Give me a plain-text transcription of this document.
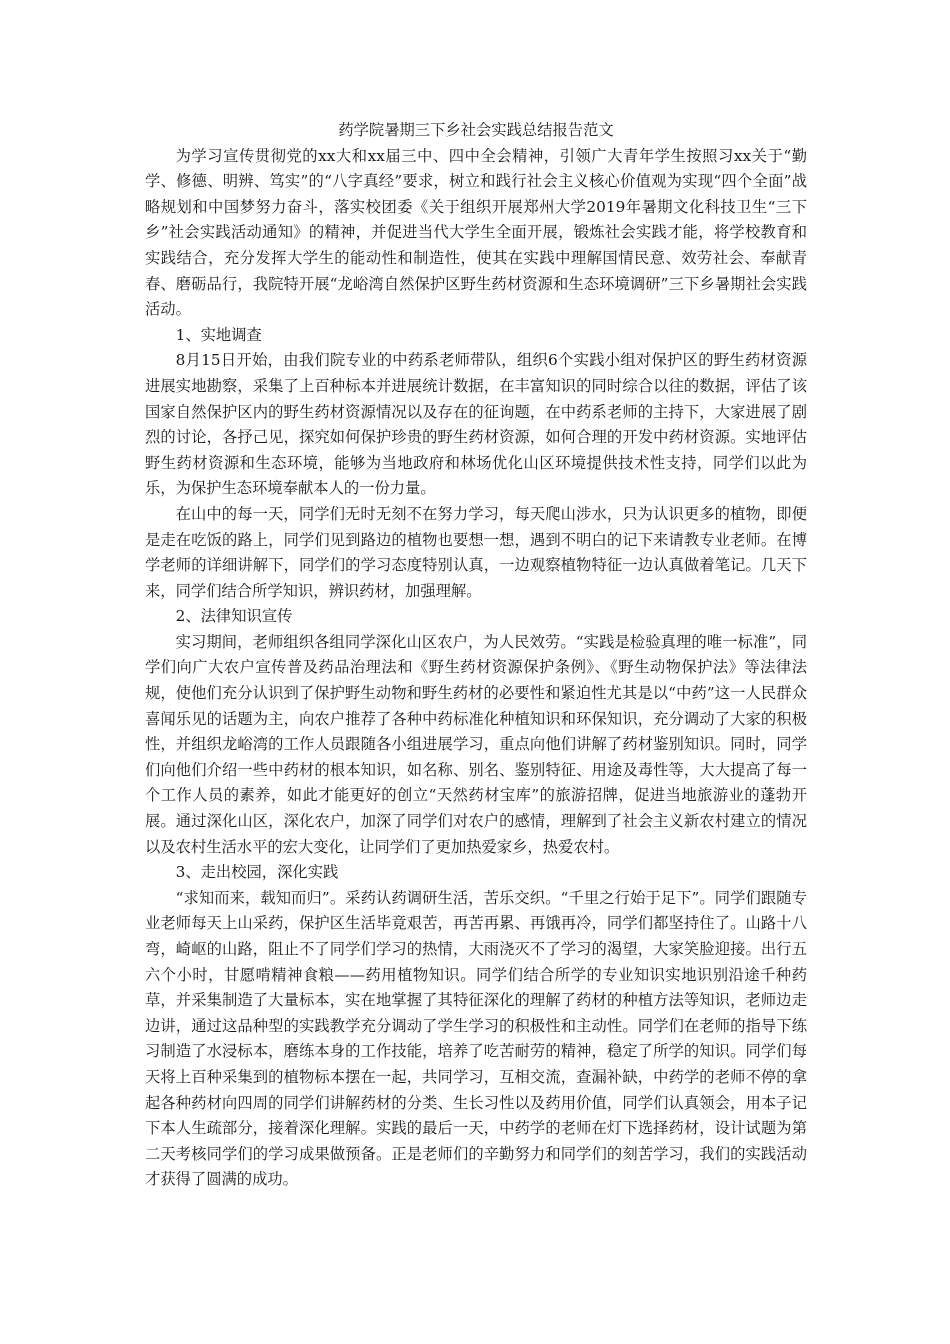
药学院暑期三下乡社会实践总结报告范文

为学习宣传贯彻党的xx大和xx届三中、四中全会精神，引领广大青年学生按照习xx关于“勤学、修德、明辨、笃实”的“八字真经”要求，树立和践行社会主义核心价值观为实现“四个全面”战略规划和中国梦努力奋斗，落实校团委《关于组织开展郑州大学2019年暑期文化科技卫生“三下乡”社会实践活动通知》的精神，并促进当代大学生全面开展，锻炼社会实践才能，将学校教育和实践结合，充分发挥大学生的能动性和制造性，使其在实践中理解国情民意、效劳社会、奉献青春、磨砺品行，我院特开展“龙峪湾自然保护区野生药材资源和生态环境调研”三下乡暑期社会实践活动。

1、实地调查

8月15日开始，由我们院专业的中药系老师带队，组织6个实践小组对保护区的野生药材资源进展实地勘察，采集了上百种标本并进展统计数据，在丰富知识的同时综合以往的数据，评估了该国家自然保护区内的野生药材资源情况以及存在的征询题，在中药系老师的主持下，大家进展了剧烈的讨论，各抒己见，探究如何保护珍贵的野生药材资源，如何合理的开发中药材资源。实地评估野生药材资源和生态环境，能够为当地政府和林场优化山区环境提供技术性支持，同学们以此为乐，为保护生态环境奉献本人的一份力量。

在山中的每一天，同学们无时无刻不在努力学习，每天爬山涉水，只为认识更多的植物，即便是走在吃饭的路上，同学们见到路边的植物也要想一想，遇到不明白的记下来请教专业老师。在博学老师的详细讲解下，同学们的学习态度特别认真，一边观察植物特征一边认真做着笔记。几天下来，同学们结合所学知识，辨识药材，加强理解。

2、法律知识宣传

实习期间，老师组织各组同学深化山区农户，为人民效劳。“实践是检验真理的唯一标准”，同学们向广大农户宣传普及药品治理法和《野生药材资源保护条例》、《野生动物保护法》等法律法规，使他们充分认识到了保护野生动物和野生药材的必要性和紧迫性尤其是以“中药”这一人民群众喜闻乐见的话题为主，向农户推荐了各种中药标准化种植知识和环保知识，充分调动了大家的积极性，并组织龙峪湾的工作人员跟随各小组进展学习，重点向他们讲解了药材鉴别知识。同时，同学们向他们介绍一些中药材的根本知识，如名称、别名、鉴别特征、用途及毒性等，大大提高了每一个工作人员的素养，如此才能更好的创立“天然药材宝库”的旅游招牌，促进当地旅游业的蓬勃开展。通过深化山区，深化农户，加深了同学们对农户的感情，理解到了社会主义新农村建立的情况以及农村生活水平的宏大变化，让同学们了更加热爱家乡，热爱农村。

3、走出校园，深化实践

“求知而来，载知而归”。采药认药调研生活，苦乐交织。“千里之行始于足下”。同学们跟随专业老师每天上山采药，保护区生活毕竟艰苦，再苦再累、再饿再冷，同学们都坚持住了。山路十八弯，崎岖的山路，阻止不了同学们学习的热情，大雨浇灭不了学习的渴望，大家笑脸迎接。出行五六个小时，甘愿啃精神食粮——药用植物知识。同学们结合所学的专业知识实地识别沿途千种药草，并采集制造了大量标本，实在地掌握了其特征深化的理解了药材的种植方法等知识，老师边走边讲，通过这品种型的实践教学充分调动了学生学习的积极性和主动性。同学们在老师的指导下练习制造了水浸标本，磨练本身的工作技能，培养了吃苦耐劳的精神，稳定了所学的知识。同学们每天将上百种采集到的植物标本摆在一起，共同学习，互相交流，查漏补缺，中药学的老师不停的拿起各种药材向四周的同学们讲解药材的分类、生长习性以及药用价值，同学们认真领会，用本子记下本人生疏部分，接着深化理解。实践的最后一天，中药学的老师在灯下选择药材，设计试题为第二天考核同学们的学习成果做预备。正是老师们的辛勤努力和同学们的刻苦学习，我们的实践活动才获得了圆满的成功。
